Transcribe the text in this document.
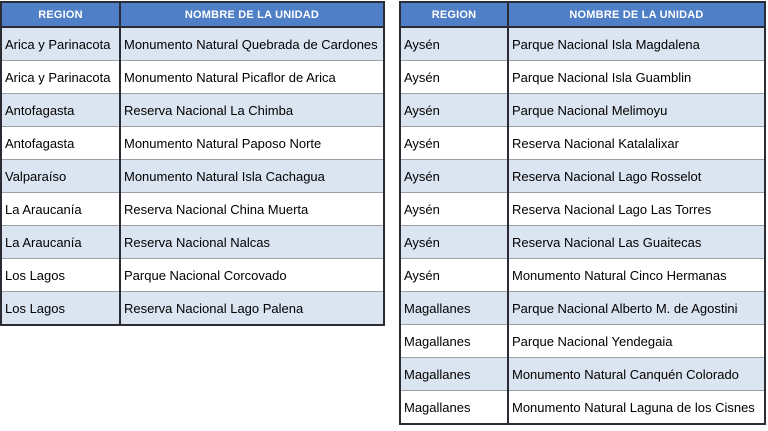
REGION	NOMBRE DE LA UNIDAD
Arica y Parinacota	Monumento Natural Quebrada de Cardones
Arica y Parinacota	Monumento Natural Picaflor de Arica
Antofagasta	Reserva Nacional La Chimba
Antofagasta	Monumento Natural Paposo Norte
Valparaíso	Monumento Natural Isla Cachagua
La Araucanía	Reserva Nacional China Muerta
La Araucanía	Reserva Nacional Nalcas
Los Lagos	Parque Nacional Corcovado
Los Lagos	Reserva Nacional Lago Palena
REGION	NOMBRE DE LA UNIDAD
Aysén	Parque Nacional Isla Magdalena
Aysén	Parque Nacional Isla Guamblin
Aysén	Parque Nacional Melimoyu
Aysén	Reserva Nacional Katalalixar
Aysén	Reserva Nacional Lago Rosselot
Aysén	Reserva Nacional Lago Las Torres
Aysén	Reserva Nacional Las Guaitecas
Aysén	Monumento Natural Cinco Hermanas
Magallanes	Parque Nacional Alberto M. de Agostini
Magallanes	Parque Nacional Yendegaia
Magallanes	Monumento Natural Canquén Colorado
Magallanes	Monumento Natural Laguna de los Cisnes
